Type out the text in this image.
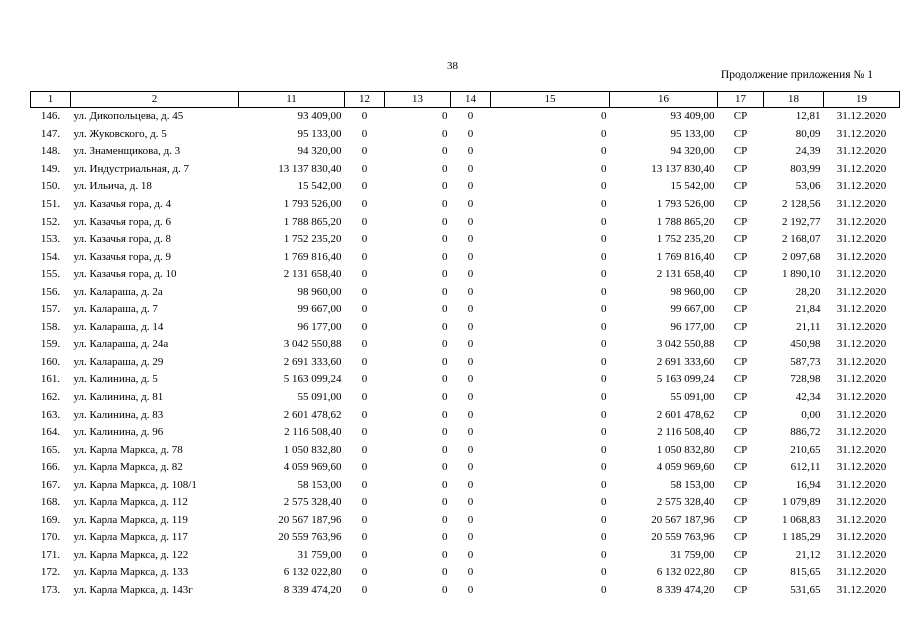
38
Продолжение приложения № 1
1	2	11	12	13	14	15	16	17	18	19
146.	ул. Дикопольцева, д. 45	93 409,00	0	0	0	0	93 409,00	СР	12,81	31.12.2020
147.	ул. Жуковского, д. 5	95 133,00	0	0	0	0	95 133,00	СР	80,09	31.12.2020
148.	ул. Знаменщикова, д. 3	94 320,00	0	0	0	0	94 320,00	СР	24,39	31.12.2020
149.	ул. Индустриальная, д. 7	13 137 830,40	0	0	0	0	13 137 830,40	СР	803,99	31.12.2020
150.	ул. Ильича, д. 18	15 542,00	0	0	0	0	15 542,00	СР	53,06	31.12.2020
151.	ул. Казачья гора, д. 4	1 793 526,00	0	0	0	0	1 793 526,00	СР	2 128,56	31.12.2020
152.	ул. Казачья гора, д. 6	1 788 865,20	0	0	0	0	1 788 865,20	СР	2 192,77	31.12.2020
153.	ул. Казачья гора, д. 8	1 752 235,20	0	0	0	0	1 752 235,20	СР	2 168,07	31.12.2020
154.	ул. Казачья гора, д. 9	1 769 816,40	0	0	0	0	1 769 816,40	СР	2 097,68	31.12.2020
155.	ул. Казачья гора, д. 10	2 131 658,40	0	0	0	0	2 131 658,40	СР	1 890,10	31.12.2020
156.	ул. Калараша, д. 2а	98 960,00	0	0	0	0	98 960,00	СР	28,20	31.12.2020
157.	ул. Калараша, д. 7	99 667,00	0	0	0	0	99 667,00	СР	21,84	31.12.2020
158.	ул. Калараша, д. 14	96 177,00	0	0	0	0	96 177,00	СР	21,11	31.12.2020
159.	ул. Калараша, д. 24а	3 042 550,88	0	0	0	0	3 042 550,88	СР	450,98	31.12.2020
160.	ул. Калараша, д. 29	2 691 333,60	0	0	0	0	2 691 333,60	СР	587,73	31.12.2020
161.	ул. Калинина, д. 5	5 163 099,24	0	0	0	0	5 163 099,24	СР	728,98	31.12.2020
162.	ул. Калинина, д. 81	55 091,00	0	0	0	0	55 091,00	СР	42,34	31.12.2020
163.	ул. Калинина, д. 83	2 601 478,62	0	0	0	0	2 601 478,62	СР	0,00	31.12.2020
164.	ул. Калинина, д. 96	2 116 508,40	0	0	0	0	2 116 508,40	СР	886,72	31.12.2020
165.	ул. Карла Маркса, д. 78	1 050 832,80	0	0	0	0	1 050 832,80	СР	210,65	31.12.2020
166.	ул. Карла Маркса, д. 82	4 059 969,60	0	0	0	0	4 059 969,60	СР	612,11	31.12.2020
167.	ул. Карла Маркса, д. 108/1	58 153,00	0	0	0	0	58 153,00	СР	16,94	31.12.2020
168.	ул. Карла Маркса, д. 112	2 575 328,40	0	0	0	0	2 575 328,40	СР	1 079,89	31.12.2020
169.	ул. Карла Маркса, д. 119	20 567 187,96	0	0	0	0	20 567 187,96	СР	1 068,83	31.12.2020
170.	ул. Карла Маркса, д. 117	20 559 763,96	0	0	0	0	20 559 763,96	СР	1 185,29	31.12.2020
171.	ул. Карла Маркса, д. 122	31 759,00	0	0	0	0	31 759,00	СР	21,12	31.12.2020
172.	ул. Карла Маркса, д. 133	6 132 022,80	0	0	0	0	6 132 022,80	СР	815,65	31.12.2020
173.	ул. Карла Маркса, д. 143г	8 339 474,20	0	0	0	0	8 339 474,20	СР	531,65	31.12.2020
